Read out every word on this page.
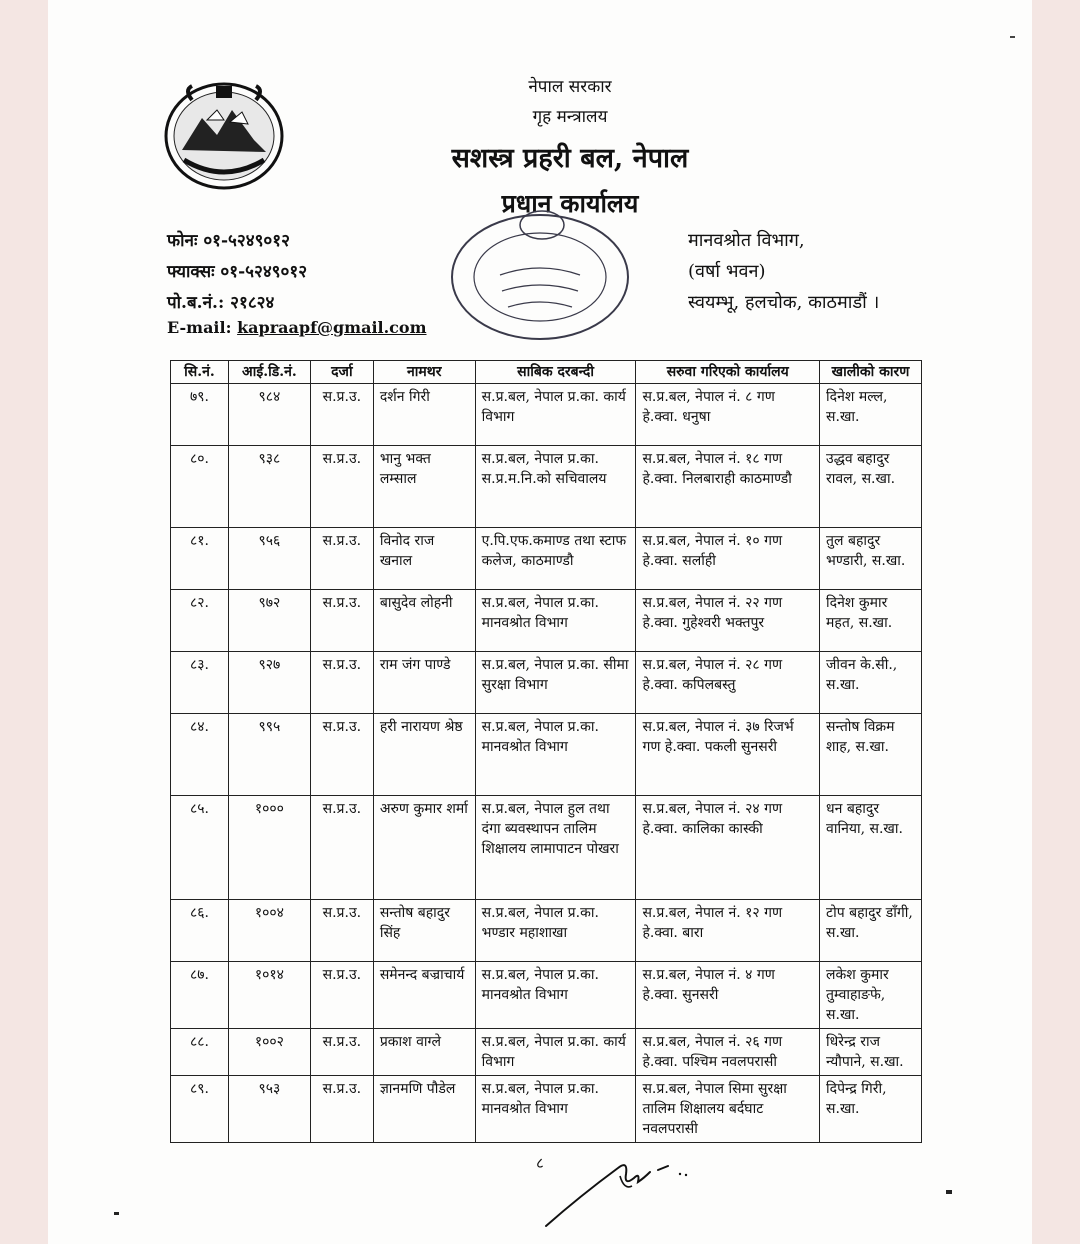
नेपाल सरकार
गृह मन्त्रालय
सशस्त्र प्रहरी बल, नेपाल
प्रधान कार्यालय
फोनः ०१-५२४९०१२
फ्याक्सः ०१-५२४९०१२
पो.ब.नं.: २१८२४
E-mail: kapraapf@gmail.com
मानवश्रोत विभाग,
(वर्षा भवन)
स्वयम्भू, हलचोक, काठमाडौं ।
सि.नं.	आई.डि.नं.	दर्जा	नामथर	साबिक दरबन्दी	सरुवा गरिएको कार्यालय	खालीको कारण
७९.	९८४	स.प्र.उ.	दर्शन गिरी	स.प्र.बल, नेपाल प्र.का. कार्य विभाग	स.प्र.बल, नेपाल नं. ८ गण हे.क्वा. धनुषा	दिनेश मल्ल, स.खा.
८०.	९३८	स.प्र.उ.	भानु भक्त लम्साल	स.प्र.बल, नेपाल प्र.का. स.प्र.म.नि.को सचिवालय	स.प्र.बल, नेपाल नं. १८ गण हे.क्वा. निलबाराही काठमाण्डौ	उद्धव बहादुर रावल, स.खा.
८१.	९५६	स.प्र.उ.	विनोद राज खनाल	ए.पि.एफ.कमाण्ड तथा स्टाफ कलेज, काठमाण्डौ	स.प्र.बल, नेपाल नं. १० गण हे.क्वा. सर्लाही	तुल बहादुर भण्डारी, स.खा.
८२.	९७२	स.प्र.उ.	बासुदेव लोहनी	स.प्र.बल, नेपाल प्र.का. मानवश्रोत विभाग	स.प्र.बल, नेपाल नं. २२ गण हे.क्वा. गुहेश्वरी भक्तपुर	दिनेश कुमार महत, स.खा.
८३.	९२७	स.प्र.उ.	राम जंग पाण्डे	स.प्र.बल, नेपाल प्र.का. सीमा सुरक्षा विभाग	स.प्र.बल, नेपाल नं. २८ गण हे.क्वा. कपिलबस्तु	जीवन के.सी., स.खा.
८४.	९९५	स.प्र.उ.	हरी नारायण श्रेष्ठ	स.प्र.बल, नेपाल प्र.का. मानवश्रोत विभाग	स.प्र.बल, नेपाल नं. ३७ रिजर्भ गण हे.क्वा. पकली सुनसरी	सन्तोष विक्रम शाह, स.खा.
८५.	१०००	स.प्र.उ.	अरुण कुमार शर्मा	स.प्र.बल, नेपाल हुल तथा दंगा ब्यवस्थापन तालिम शिक्षालय लामापाटन पोखरा	स.प्र.बल, नेपाल नं. २४ गण हे.क्वा. कालिका कास्की	धन बहादुर वानिया, स.खा.
८६.	१००४	स.प्र.उ.	सन्तोष बहादुर सिंह	स.प्र.बल, नेपाल प्र.का. भण्डार महाशाखा	स.प्र.बल, नेपाल नं. १२ गण हे.क्वा. बारा	टोप बहादुर डाँगी, स.खा.
८७.	१०१४	स.प्र.उ.	समेनन्द बज्राचार्य	स.प्र.बल, नेपाल प्र.का. मानवश्रोत विभाग	स.प्र.बल, नेपाल नं. ४ गण हे.क्वा. सुनसरी	लकेश कुमार तुम्वाहाङफे, स.खा.
८८.	१००२	स.प्र.उ.	प्रकाश वाग्ले	स.प्र.बल, नेपाल प्र.का. कार्य विभाग	स.प्र.बल, नेपाल नं. २६ गण हे.क्वा. पश्चिम नवलपरासी	धिरेन्द्र राज न्यौपाने, स.खा.
८९.	९५३	स.प्र.उ.	ज्ञानमणि पौडेल	स.प्र.बल, नेपाल प्र.का. मानवश्रोत विभाग	स.प्र.बल, नेपाल सिमा सुरक्षा तालिम शिक्षालय बर्दघाट नवलपरासी	दिपेन्द्र गिरी, स.खा.
८
